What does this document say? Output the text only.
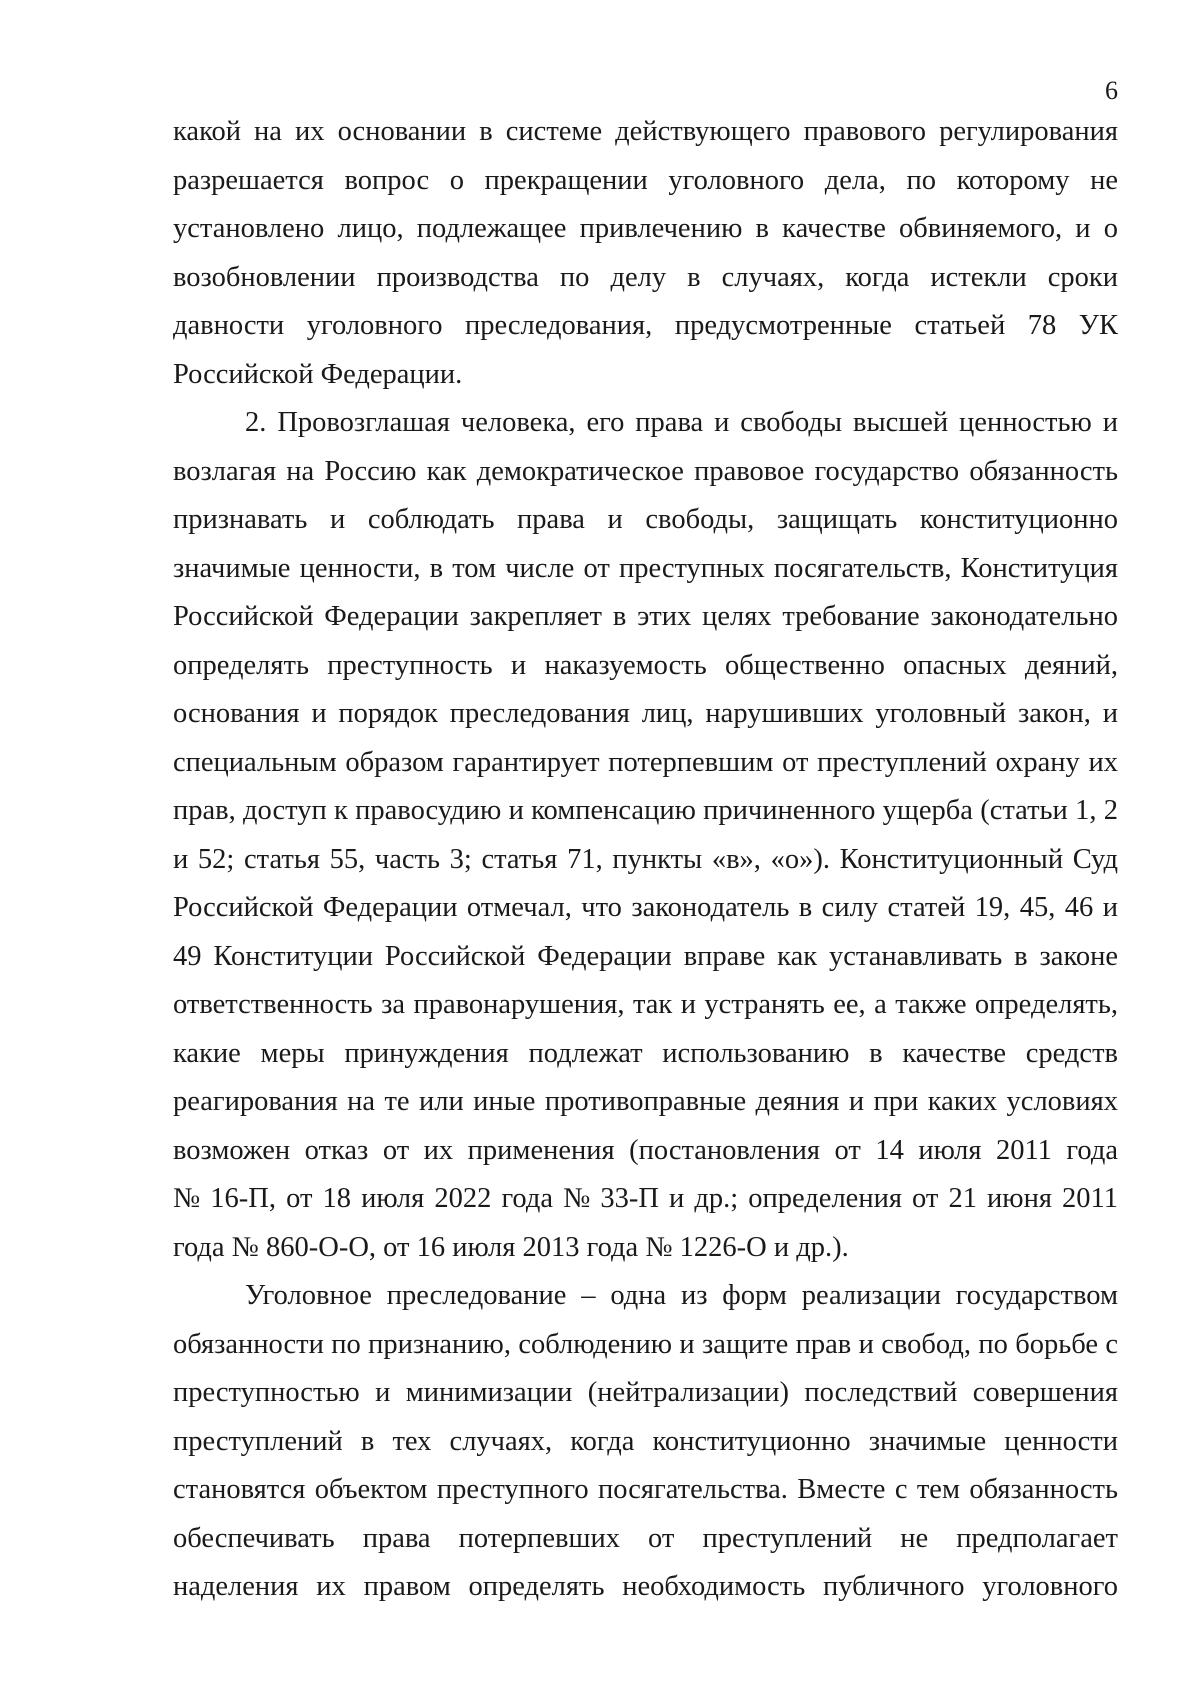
6
какой на их основании в системе действующего правового регулирования
разрешается вопрос о прекращении уголовного дела, по которому не
установлено лицо, подлежащее привлечению в качестве обвиняемого, и о
возобновлении производства по делу в случаях, когда истекли сроки
давности уголовного преследования, предусмотренные статьей 78 УК
Российской Федерации.
2. Провозглашая человека, его права и свободы высшей ценностью и
возлагая на Россию как демократическое правовое государство обязанность
признавать и соблюдать права и свободы, защищать конституционно
значимые ценности, в том числе от преступных посягательств, Конституция
Российской Федерации закрепляет в этих целях требование законодательно
определять преступность и наказуемость общественно опасных деяний,
основания и порядок преследования лиц, нарушивших уголовный закон, и
специальным образом гарантирует потерпевшим от преступлений охрану их
прав, доступ к правосудию и компенсацию причиненного ущерба (статьи 1, 2
и 52; статья 55, часть 3; статья 71, пункты «в», «о»). Конституционный Суд
Российской Федерации отмечал, что законодатель в силу статей 19, 45, 46 и
49 Конституции Российской Федерации вправе как устанавливать в законе
ответственность за правонарушения, так и устранять ее, а также определять,
какие меры принуждения подлежат использованию в качестве средств
реагирования на те или иные противоправные деяния и при каких условиях
возможен отказ от их применения (постановления от 14 июля 2011 года
№ 16-П, от 18 июля 2022 года № 33-П и др.; определения от 21 июня 2011
года № 860-О-О, от 16 июля 2013 года № 1226-О и др.).
Уголовное преследование – одна из форм реализации государством
обязанности по признанию, соблюдению и защите прав и свобод, по борьбе с
преступностью и минимизации (нейтрализации) последствий совершения
преступлений в тех случаях, когда конституционно значимые ценности
становятся объектом преступного посягательства. Вместе с тем обязанность
обеспечивать права потерпевших от преступлений не предполагает
наделения их правом определять необходимость публичного уголовного
